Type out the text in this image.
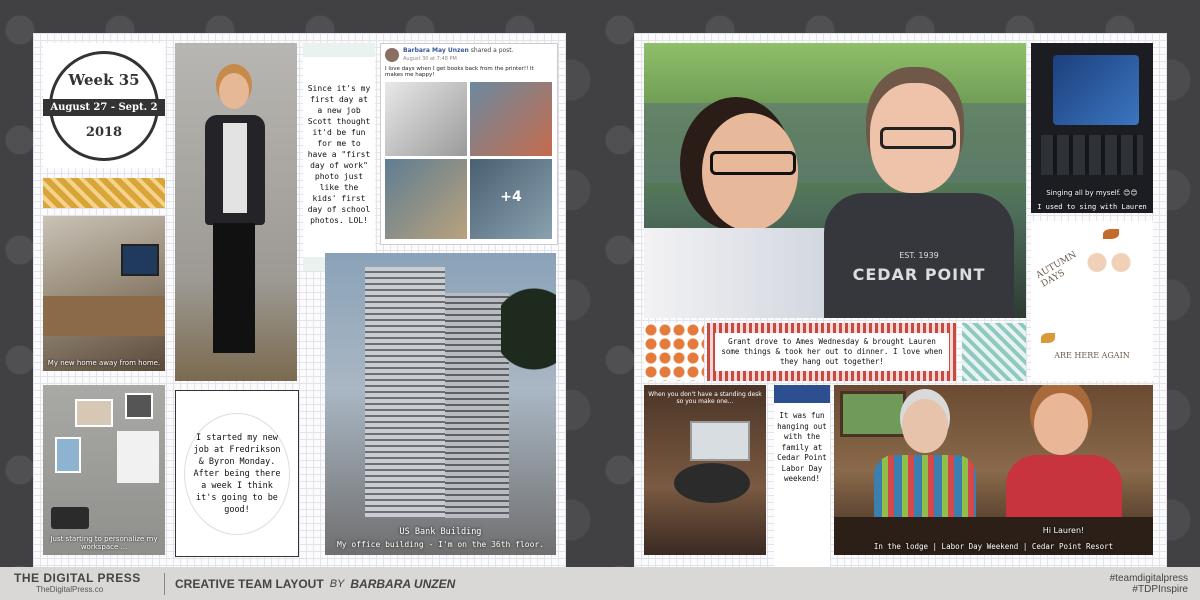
Week 35
August 27 - Sept. 2
2018
My new home away from home.
Just starting to personalize my workspace ...
I started my new job at Fredrikson & Byron Monday. After being there a week I think it's going to be good!
Since it's my first day at a new job Scott thought it'd be fun for me to have a "first day of work" photo just like the kids' first day of school photos. LOL!
Barbara May Unzen shared a post.
August 30 at 7:48 PM
I love days when I get books back from the printer!! It makes me happy!
+4
US Bank Building
My office building - I'm on the 36th floor.
EST. 1939
CEDAR POINT
Singing all by myself. 😊😊
I used to sing with Lauren
AUTUMN DAYS
ARE HERE AGAIN
Grant drove to Ames Wednesday & brought Lauren some things & took her out to dinner. I love when they hang out together!
When you don't have a standing desk so you make one...
It was fun hanging out with the family at Cedar Point Labor Day weekend!
Hi Lauren!
In the lodge | Labor Day Weekend | Cedar Point Resort
THE DIGITAL PRESS
TheDigitalPress.co	CREATIVE TEAM LAYOUT BY BARBARA UNZEN	#teamdigitalpress
#TDPInspire
